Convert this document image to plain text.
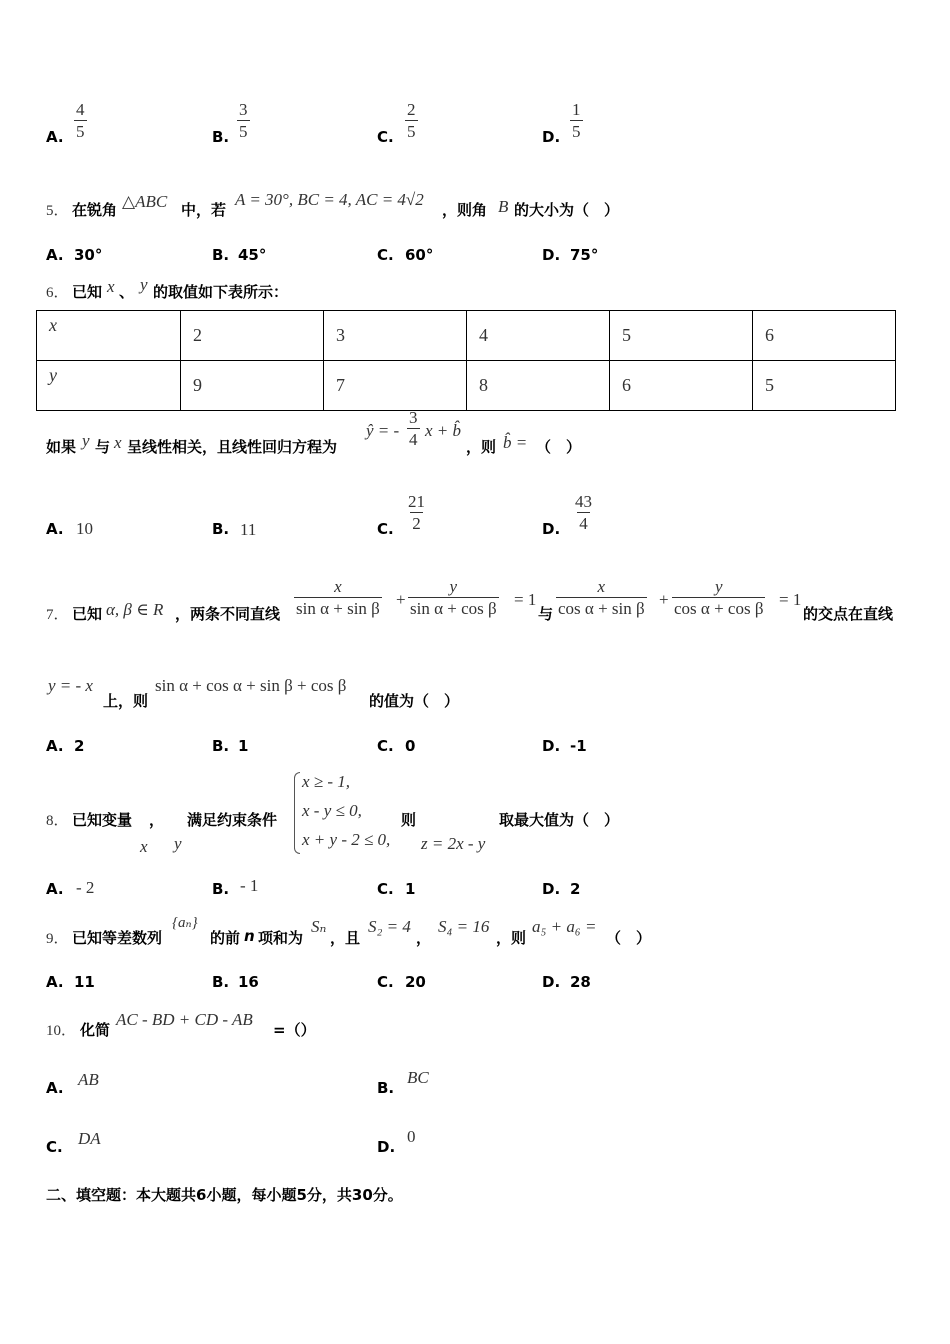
A. $\frac{4}{5}$	B. $\frac{3}{5}$	C. $\frac{2}{5}$	D. $\frac{1}{5}$
5． 在锐角 △ABC 中，若
A = 30°, BC = 4, AC = 4√2
，则角 B 的大小为（　）
A. 30°	B. 45°	C. 60°	D. 75°
6． 已知 x 、 y 的取值如下表所示：
x	2	3	4	5	6
y	9	7	8	6	5
如果 y 与 x 呈线性相关，且线性回归方程为
ŷ = - $\frac{3}{4}$ x + b̂
，则 b̂ = （　）
A. 10	B. 11	C. $\frac{21}{2}$	D. $\frac{43}{4}$
7． 已知 α, β ∈ R ，两条不同直线 $\frac{x}{\text{sin α + sin β}} + \frac{y}{\text{sin α + cos β}} = 1$
与 $\frac{x}{\text{cos α + sin β}} + \frac{y}{\text{cos α + cos β}} = 1$
的交点在直线
y = - x
上，则
sin α + cos α + sin β + cos β
的值为（　）
A. 2	B. 1	C. 0	D. -1
8． 已知变量 ， 满足约束条件
x y
x ≥ - 1,
x - y ≤ 0,
x + y - 2 ≤ 0,
则
z = 2x - y
取最大值为（　）
A. - 2	B. - 1	C. 1	D. 2
9． 已知等差数列
{aₙ}
的前 n 项和为
Sₙ
，且
S₂ = 4
，
S₄ = 16
，则
a₅ + a₆ =
（　）
A. 11	B. 16	C. 20	D. 28
10． 化简
AC - BD + CD - AB
=（）
A. AB	B.
BC
C. DA	D.
0
二、填空题：本大题共6小题，每小题5分，共30分。
